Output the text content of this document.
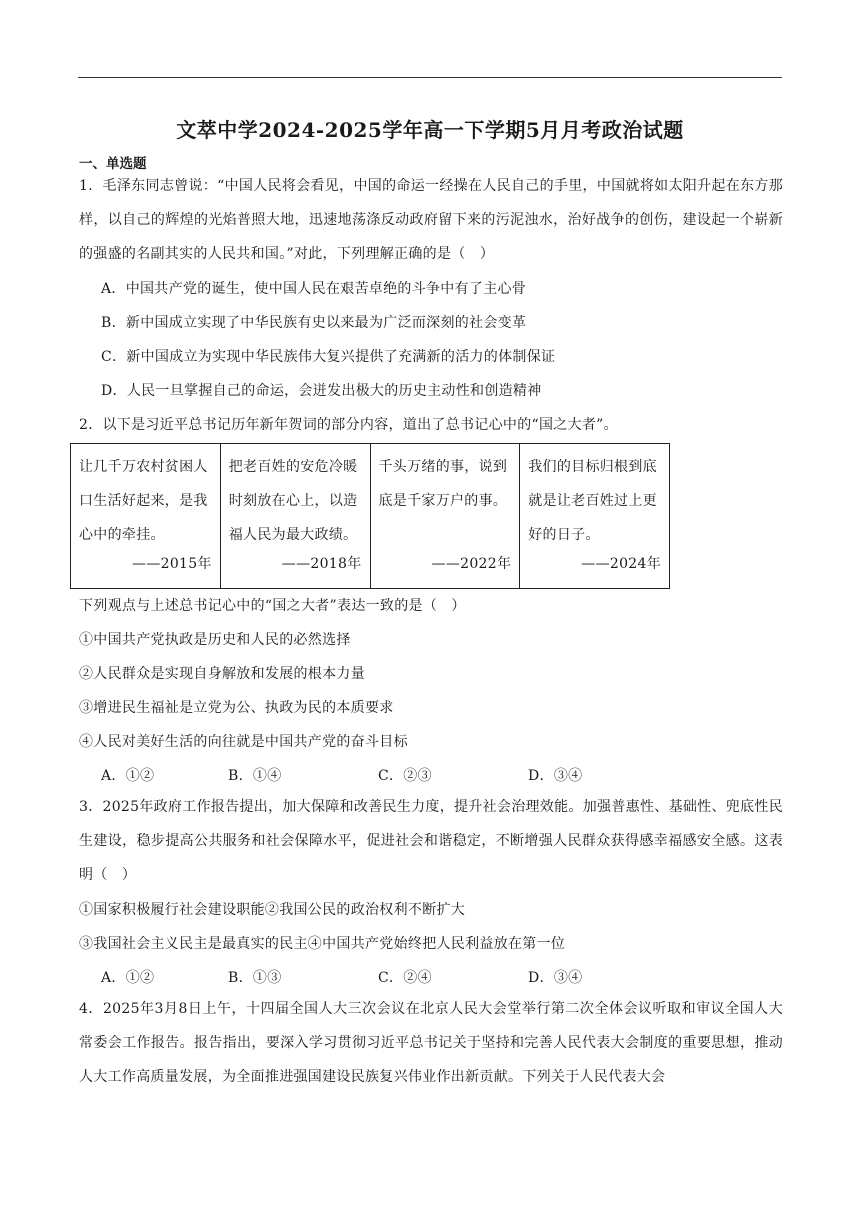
文萃中学2024-2025学年高一下学期5月月考政治试题
一、单选题
1．毛泽东同志曾说：“中国人民将会看见，中国的命运一经操在人民自己的手里，中国就将如太阳升起在东方那样，以自己的辉煌的光焰普照大地，迅速地荡涤反动政府留下来的污泥浊水，治好战争的创伤，建设起一个崭新的强盛的名副其实的人民共和国。”对此，下列理解正确的是（　）
A．中国共产党的诞生，使中国人民在艰苦卓绝的斗争中有了主心骨
B．新中国成立实现了中华民族有史以来最为广泛而深刻的社会变革
C．新中国成立为实现中华民族伟大复兴提供了充满新的活力的体制保证
D．人民一旦掌握自己的命运，会迸发出极大的历史主动性和创造精神
2．以下是习近平总书记历年新年贺词的部分内容，道出了总书记心中的“国之大者”。
让几千万农村贫困人口生活好起来，是我心中的牵挂。
——2015年

把老百姓的安危冷暖时刻放在心上，以造福人民为最大政绩。
——2018年

千头万绪的事，说到底是千家万户的事。
——2022年

我们的目标归根到底就是让老百姓过上更好的日子。
——2024年
下列观点与上述总书记心中的“国之大者”表达一致的是（　）
①中国共产党执政是历史和人民的必然选择
②人民群众是实现自身解放和发展的根本力量
③增进民生福祉是立党为公、执政为民的本质要求
④人民对美好生活的向往就是中国共产党的奋斗目标
A．①②	B．①④	C．②③	D．③④
3．2025年政府工作报告提出，加大保障和改善民生力度，提升社会治理效能。加强普惠性、基础性、兜底性民生建设，稳步提高公共服务和社会保障水平，促进社会和谐稳定，不断增强人民群众获得感幸福感安全感。这表明（　）
①国家积极履行社会建设职能②我国公民的政治权利不断扩大
③我国社会主义民主是最真实的民主④中国共产党始终把人民利益放在第一位
A．①②	B．①③	C．②④	D．③④
4．2025年3月8日上午，十四届全国人大三次会议在北京人民大会堂举行第二次全体会议听取和审议全国人大常委会工作报告。报告指出，要深入学习贯彻习近平总书记关于坚持和完善人民代表大会制度的重要思想，推动人大工作高质量发展，为全面推进强国建设民族复兴伟业作出新贡献。下列关于人民代表大会
